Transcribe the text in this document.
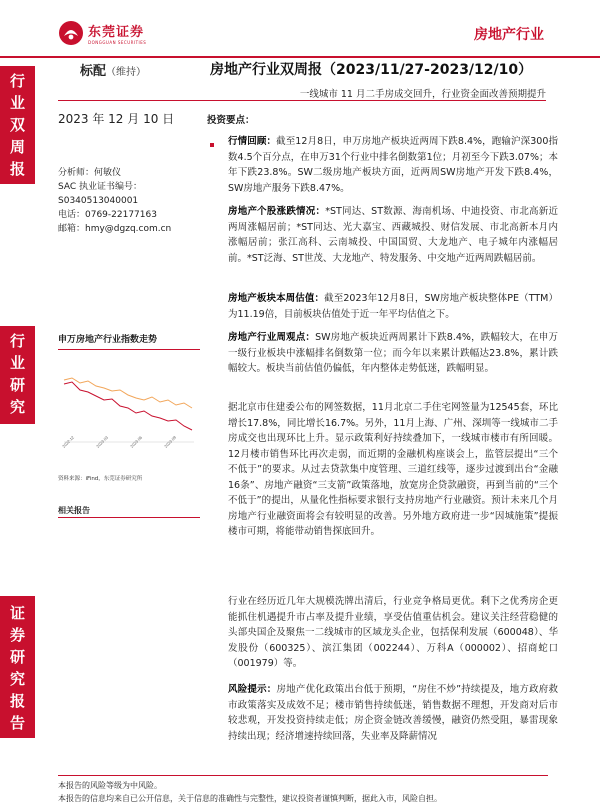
东莞证券
DONGGUAN SECURITIES	房地产行业
行
业
双
周
报
行
业
研
究
证
券
研
究
报
告
标配（维持）	房地产行业双周报（2023/11/27-2023/12/10）
一线城市 11 月二手房成交回升，行业资金面改善预期提升
2023 年 12 月 10 日
分析师：何敏仪
SAC 执业证书编号：
S0340513040001
电话：0769-22177163
邮箱：hmy@dgzq.com.cn
申万房地产行业指数走势
2022-12	2023-03	2023-06	2023-09
资料来源：iFind，东莞证券研究所
相关报告
投资要点：
行情回顾：截至12月8日，申万房地产板块近两周下跌8.4%，跑输沪深300指数4.5个百分点，在申万31个行业中排名倒数第1位；月初至今下跌3.07%；本年下跌23.8%。SW二级房地产板块方面，近两周SW房地产开发下跌8.4%，SW房地产服务下跌8.47%。
房地产个股涨跌情况：*ST同达、ST数源、海南机场、中迪投资、市北高新近两周涨幅居前；*ST同达、光大嘉宝、西藏城投、财信发展、市北高新本月内涨幅居前；张江高科、云南城投、中国国贸、大龙地产、电子城年内涨幅居前。*ST泛海、ST世茂、大龙地产、特发服务、中交地产近两周跌幅居前。
房地产板块本周估值：截至2023年12月8日，SW房地产板块整体PE（TTM）为11.19倍，目前板块估值处于近一年平均估值之下。
房地产行业周观点：SW房地产板块近两周累计下跌8.4%，跌幅较大，在申万一级行业板块中涨幅排名倒数第一位；而今年以来累计跌幅达23.8%，累计跌幅较大。板块当前估值仍偏低，年内整体走势低迷，跌幅明显。
据北京市住建委公布的网签数据，11月北京二手住宅网签量为12545套，环比增长17.8%，同比增长16.7%。另外，11月上海、广州、深圳等一线城市二手房成交也出现环比上升。显示政策利好持续叠加下，一线城市楼市有所回暖。12月楼市销售环比再次走弱，而近期的金融机构座谈会上，监管层提出“三个不低于”的要求。从过去贷款集中度管理、三道红线等，逐步过渡到出台“金融16条”、房地产融资“三支箭”政策落地，放宽房企贷款融资，再到当前的“三个不低于”的提出，从量化性指标要求银行支持房地产行业融资。预计未来几个月房地产行业融资面将会有较明显的改善。另外地方政府进一步“因城施策”提振楼市可期，将能带动销售探底回升。
行业在经历近几年大规模洗牌出清后，行业竞争格局更优。剩下之优秀房企更能抓住机遇提升市占率及提升业绩，享受估值重估机会。建议关注经营稳健的头部央国企及聚焦一二线城市的区域龙头企业，包括保利发展（600048）、华发股份（600325）、滨江集团（002244）、万科A（000002）、招商蛇口（001979）等。
风险提示：房地产优化政策出台低于预期，“房住不炒”持续提及，地方政府救市政策落实及成效不足；楼市销售持续低迷，销售数据不理想，开发商对后市较悲观，开发投资持续走低；房企资金链改善缓慢，融资仍然受阻，暴雷现象持续出现；经济增速持续回落，失业率及降薪情况
本报告的风险等级为中风险。
本报告的信息均来自已公开信息，关于信息的准确性与完整性，建议投资者谨慎判断，据此入市，风险自担。
